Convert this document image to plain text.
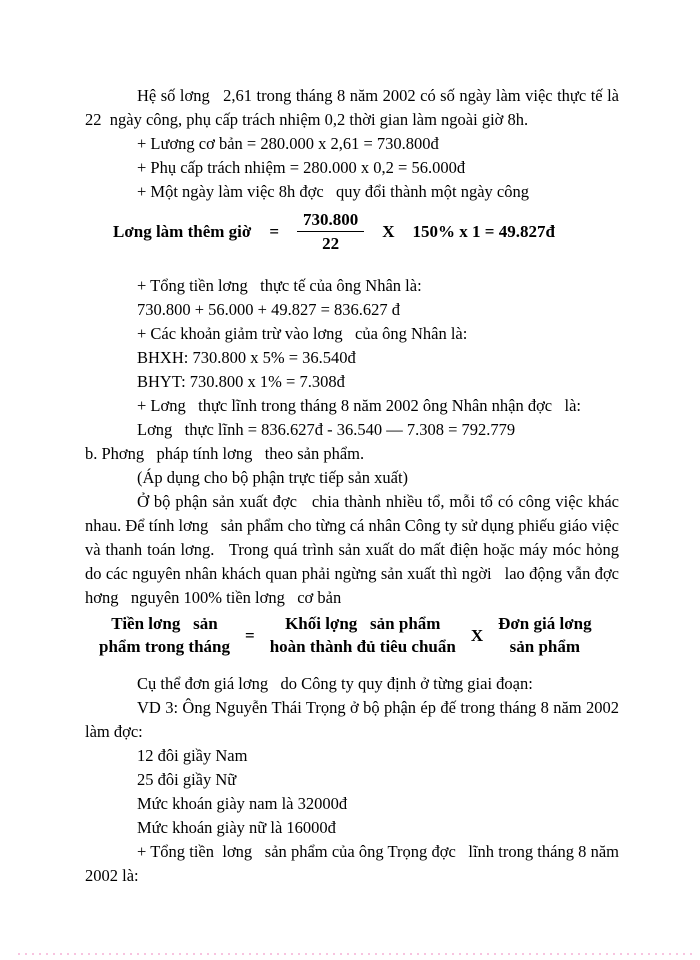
Hệ số lơng   2,61 trong tháng 8 năm 2002 có số ngày làm việc thực tế là 22  ngày công, phụ cấp trách nhiệm 0,2 thời gian làm ngoài giờ 8h.

+ Lương cơ bản = 280.000 x 2,61 = 730.800đ

+ Phụ cấp trách nhiệm = 280.000 x 0,2 = 56.000đ

+ Một ngày làm việc 8h đợc   quy đổi thành một ngày công

Lơng làm thêm giờ = $\frac{730.800}{22}$ X 150% x 1 = 49.827đ

+ Tổng tiền lơng   thực tế của ông Nhân là:

730.800 + 56.000 + 49.827 = 836.627 đ

+ Các khoản giảm trừ vào lơng   của ông Nhân là:

BHXH: 730.800 x 5% = 36.540đ

BHYT: 730.800 x 1% = 7.308đ

+ Lơng   thực lĩnh trong tháng 8 năm 2002 ông Nhân nhận đợc   là:

Lơng   thực lĩnh = 836.627đ - 36.540 — 7.308 = 792.779

b. Phơng   pháp tính lơng   theo sản phẩm.

(Áp dụng cho bộ phận trực tiếp sản xuất)

Ở bộ phận sản xuất đợc   chia thành nhiều tổ, mỗi tổ có công việc khác nhau. Để tính lơng   sản phẩm cho từng cá nhân Công ty sử dụng phiếu giáo việc và thanh toán lơng.   Trong quá trình sản xuất do mất điện hoặc máy móc hỏng do các nguyên nhân khách quan phải ngừng sản xuất thì ngời   lao động vẫn đợc   hơng   nguyên 100% tiền lơng   cơ bản

Tiền lơng   sản
phẩm trong tháng
=
Khối lợng   sản phẩm
hoàn thành đủ tiêu chuẩn
X
Đơn giá lơng
sản phẩm

Cụ thể đơn giá lơng   do Công ty quy định ở từng giai đoạn:

VD 3: Ông Nguyễn Thái Trọng ở bộ phận ép đế trong tháng 8 năm 2002 làm đợc:

12 đôi giầy Nam

25 đôi giầy Nữ

Mức khoán giày nam là 32000đ

Mức khoán giày nữ là 16000đ

+ Tổng tiền  lơng   sản phẩm của ông Trọng đợc   lĩnh trong tháng 8 năm 2002 là:
